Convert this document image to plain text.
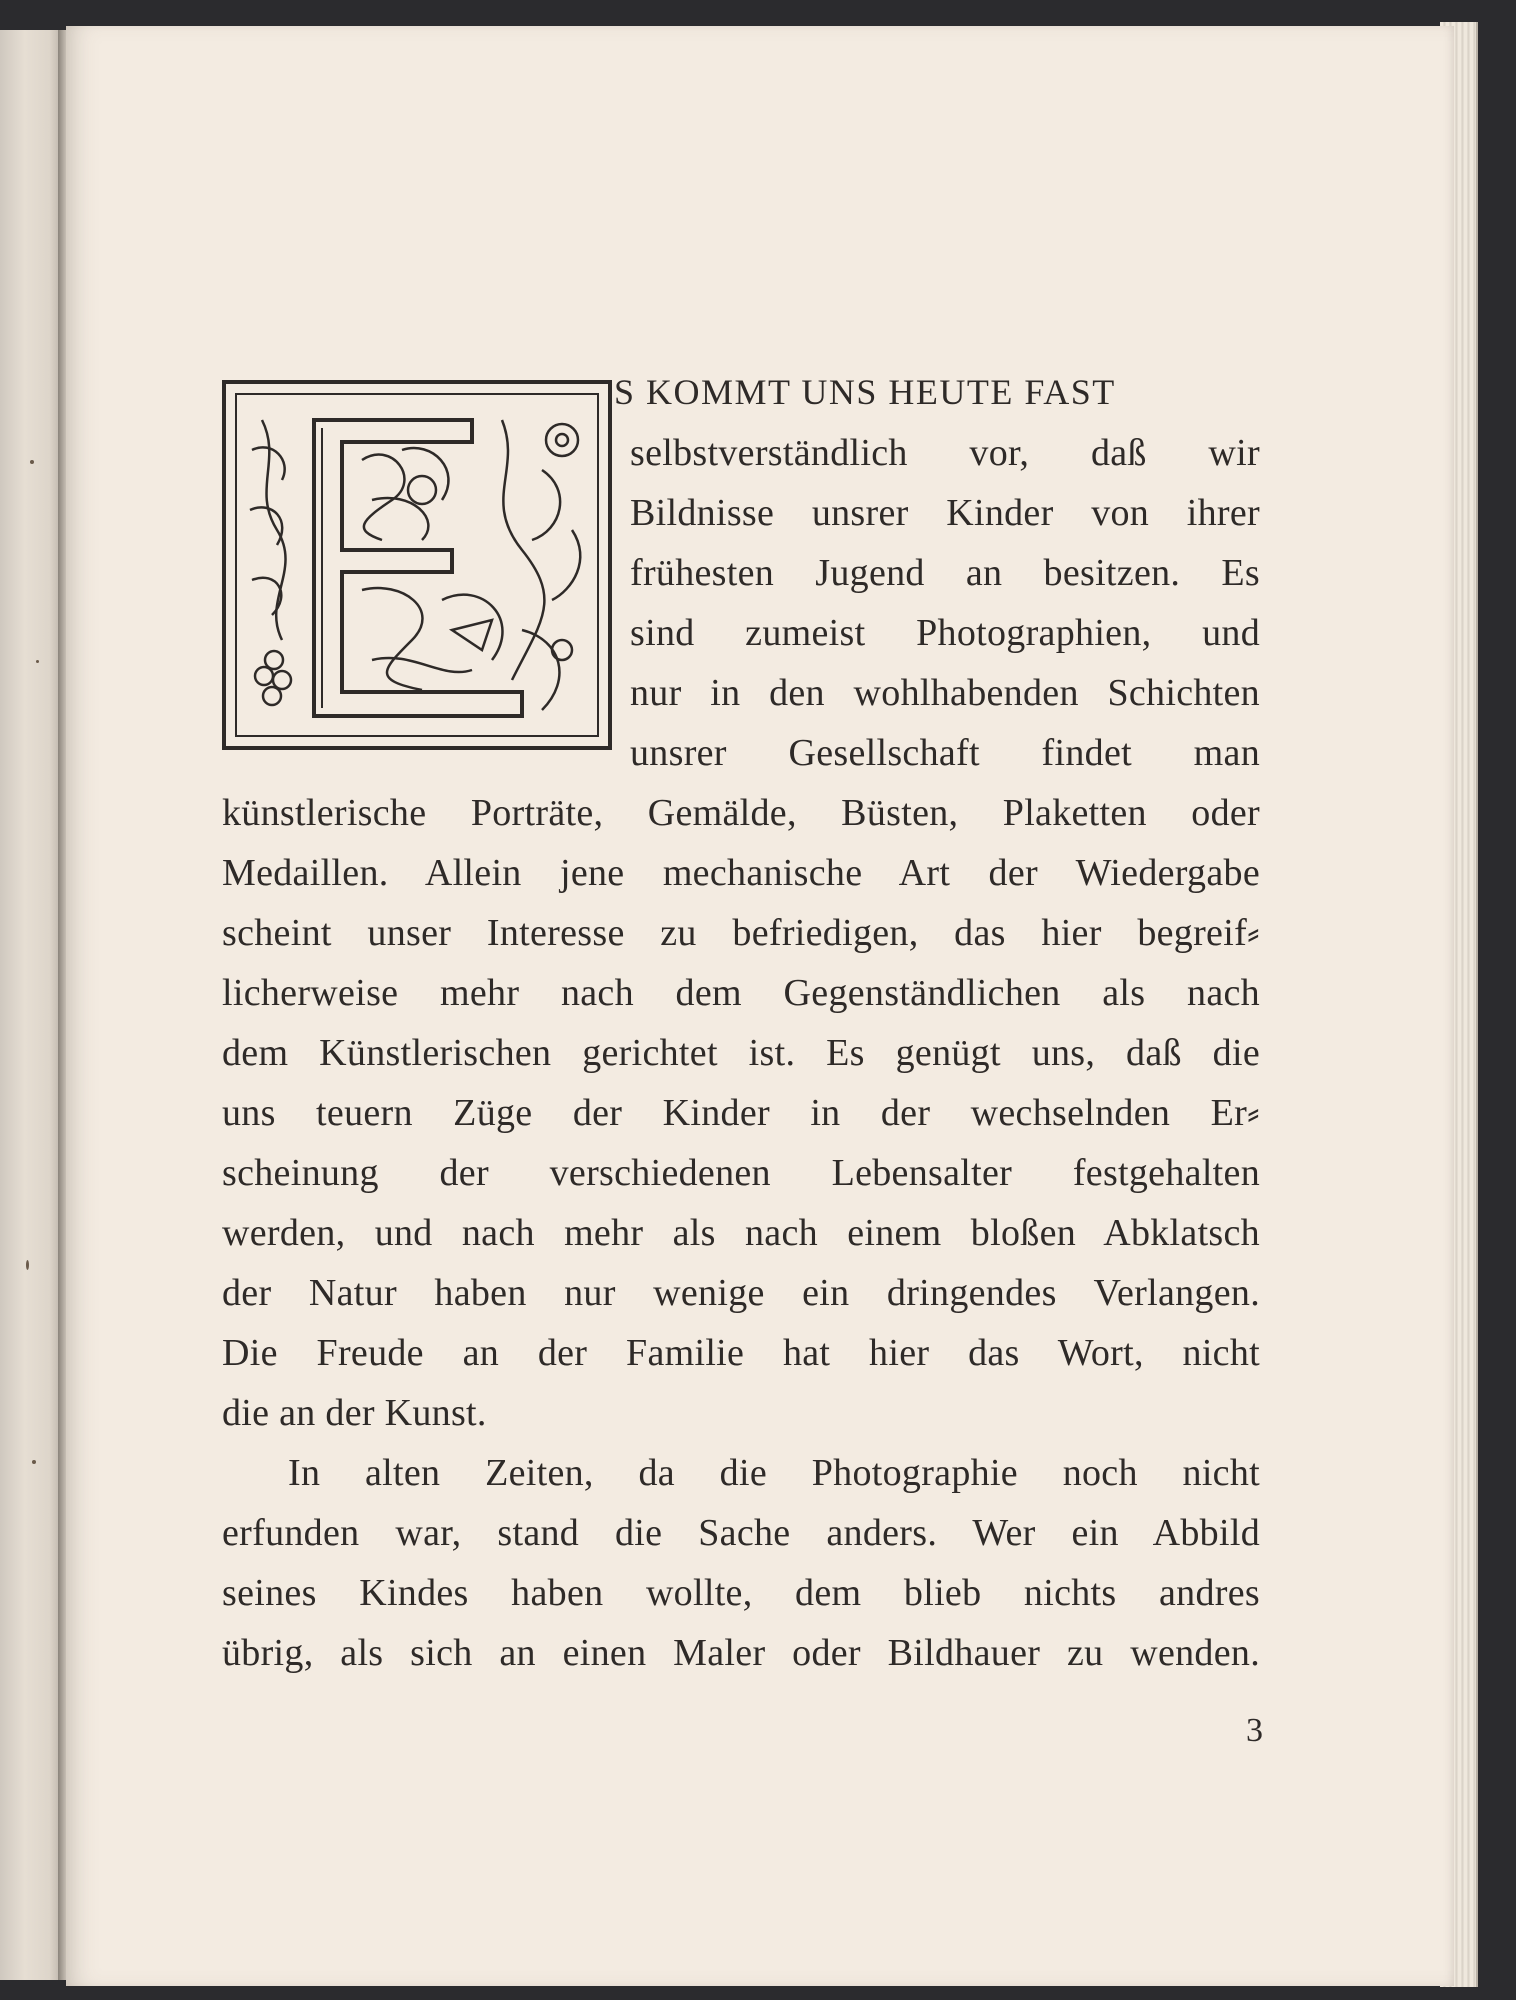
S KOMMT UNS HEUTE FAST

selbstverständlich vor, daß wir

Bildnisse unsrer Kinder von ihrer

frühesten Jugend an besitzen. Es

sind zumeist Photographien, und

nur in den wohlhabenden Schichten

unsrer Gesellschaft findet man

künstlerische Porträte, Gemälde, Büsten, Plaketten oder

Medaillen. Allein jene mechanische Art der Wiedergabe

scheint unser Interesse zu befriedigen, das hier begreif⸗

licherweise mehr nach dem Gegenständlichen als nach

dem Künstlerischen gerichtet ist. Es genügt uns, daß die

uns teuern Züge der Kinder in der wechselnden Er⸗

scheinung der verschiedenen Lebensalter festgehalten

werden, und nach mehr als nach einem bloßen Abklatsch

der Natur haben nur wenige ein dringendes Verlangen.

Die Freude an der Familie hat hier das Wort, nicht

die an der Kunst.

In alten Zeiten, da die Photographie noch nicht

erfunden war, stand die Sache anders. Wer ein Abbild

seines Kindes haben wollte, dem blieb nichts andres

übrig, als sich an einen Maler oder Bildhauer zu wenden.

3
